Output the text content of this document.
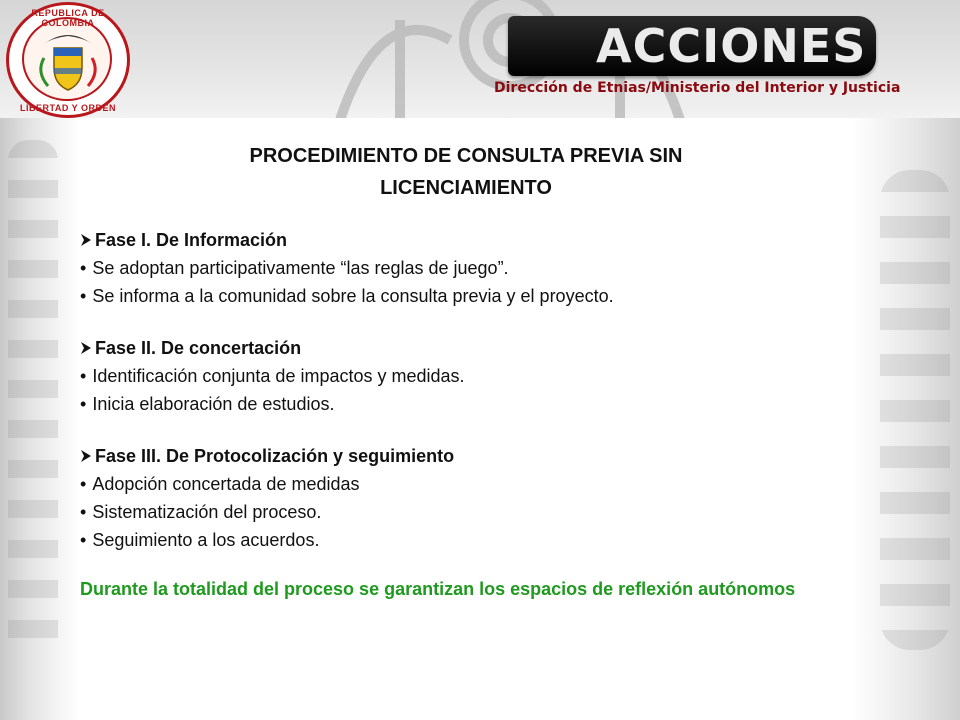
REPUBLICA DE COLOMBIA
LIBERTAD Y ORDEN
ACCIONES
Dirección de Etnias/Ministerio del Interior y Justicia
PROCEDIMIENTO DE CONSULTA PREVIA SIN
LICENCIAMIENTO
Fase I. De Información
• Se adoptan participativamente “las reglas de juego”.
• Se informa a la comunidad sobre la consulta previa y el proyecto.
Fase II. De concertación
• Identificación conjunta de impactos y medidas.
• Inicia elaboración de estudios.
Fase III. De Protocolización y seguimiento
• Adopción concertada de medidas
• Sistematización del proceso.
• Seguimiento a los acuerdos.
Durante la totalidad del proceso se garantizan los espacios de reflexión autónomos
